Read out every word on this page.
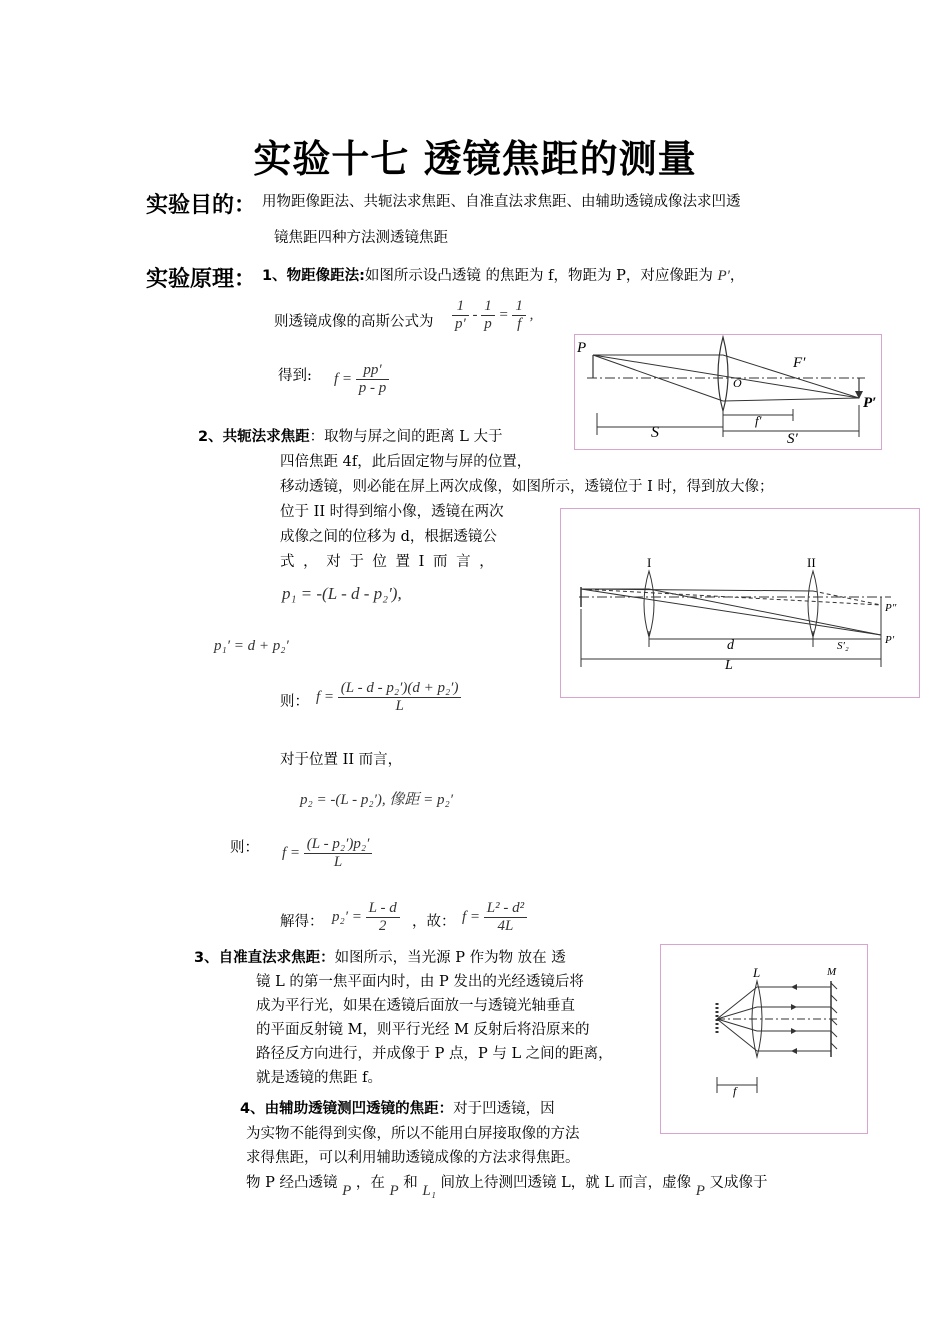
实验十七 透镜焦距的测量
实验目的： 用物距像距法、共轭法求焦距、自准直法求焦距、由辅助透镜成像法求凹透
镜焦距四种方法测透镜焦距
实验原理： 1、物距像距法:如图所示设凸透镜 的焦距为 f，物距为 P，对应像距为 P′，
则透镜成像的高斯公式为 $\frac{1}{p'} - \frac{1}{p} = \frac{1}{f}$ ,
得到: $f = \frac{pp'}{p - p}$
P
F′
O
P′
S
f′
S′
2、共轭法求焦距：取物与屏之间的距离 L 大于
四倍焦距 4f，此后固定物与屏的位置，
移动透镜，则必能在屏上两次成像，如图所示，透镜位于 I 时，得到放大像；
位于 II 时得到缩小像，透镜在两次
成像之间的位移为 d，根据透镜公
式 ， 对 于 位 置 I 而 言 ，	I	II
P″
P′
d	S′₂
L
p₁ = -(L - d - p₂′),
p₁′ = d + p₂′
则： $f = \frac{\text{(L - d - p₂′)(d + p₂′)}}{L}$
对于位置 II 而言，
p₂ = -(L - p₂′), 像距 = p₂′
则： $f = \frac{\text{(L - p₂′)p₂′}}{L}$
解得： $p_2' = \frac{L - d}{2}$ ，故： $f = \frac{\text{L² - d²}}{4L}$
3、自准直法求焦距：如图所示，当光源 P 作为物 放在 透
镜 L 的第一焦平面内时，由 P 发出的光经透镜后将
成为平行光，如果在透镜后面放一与透镜光轴垂直
的平面反射镜 M，则平行光经 M 反射后将沿原来的
路径反方向进行，并成像于 P 点，P 与 L 之间的距离，
就是透镜的焦距 f。
L	M
f
4、由辅助透镜测凹透镜的焦距：对于凹透镜，因
为实物不能得到实像，所以不能用白屏接取像的方法
求得焦距，可以利用辅助透镜成像的方法求得焦距。
物 P 经凸透镜 P ，在 P 和 L₁ 间放上待测凹透镜 L，就 L 而言，虚像 P 又成像于
